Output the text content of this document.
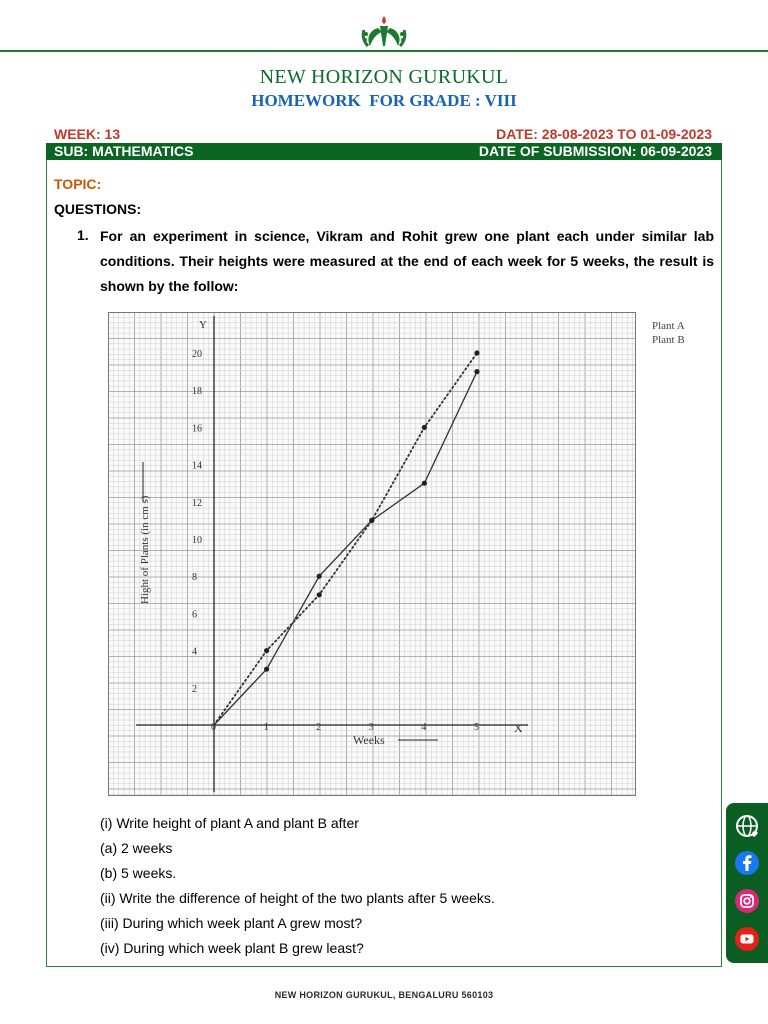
NEW HORIZON GURUKUL
HOMEWORK  FOR GRADE : VIII
WEEK: 13	DATE: 28-08-2023 TO 01-09-2023
SUB: MATHEMATICS	DATE OF SUBMISSION: 06-09-2023
TOPIC:
QUESTIONS:
1. For an experiment in science, Vikram and Rohit grew one plant each under similar lab conditions. Their heights were measured at the end of each week for 5 weeks, the result is shown by the follow:
0	1	2	3	4	5
2
4
6
8
10
12
14
16
18
20
Weeks
Hight of Plants (in cm s)
X
Y	Plant A
Plant B
(i) Write height of plant A and plant B after
(a) 2 weeks
(b) 5 weeks.
(ii) Write the difference of height of the two plants after 5 weeks.
(iii) During which week plant A grew most?
(iv) During which week plant B grew least?
NEW HORIZON GURUKUL, BENGALURU 560103
